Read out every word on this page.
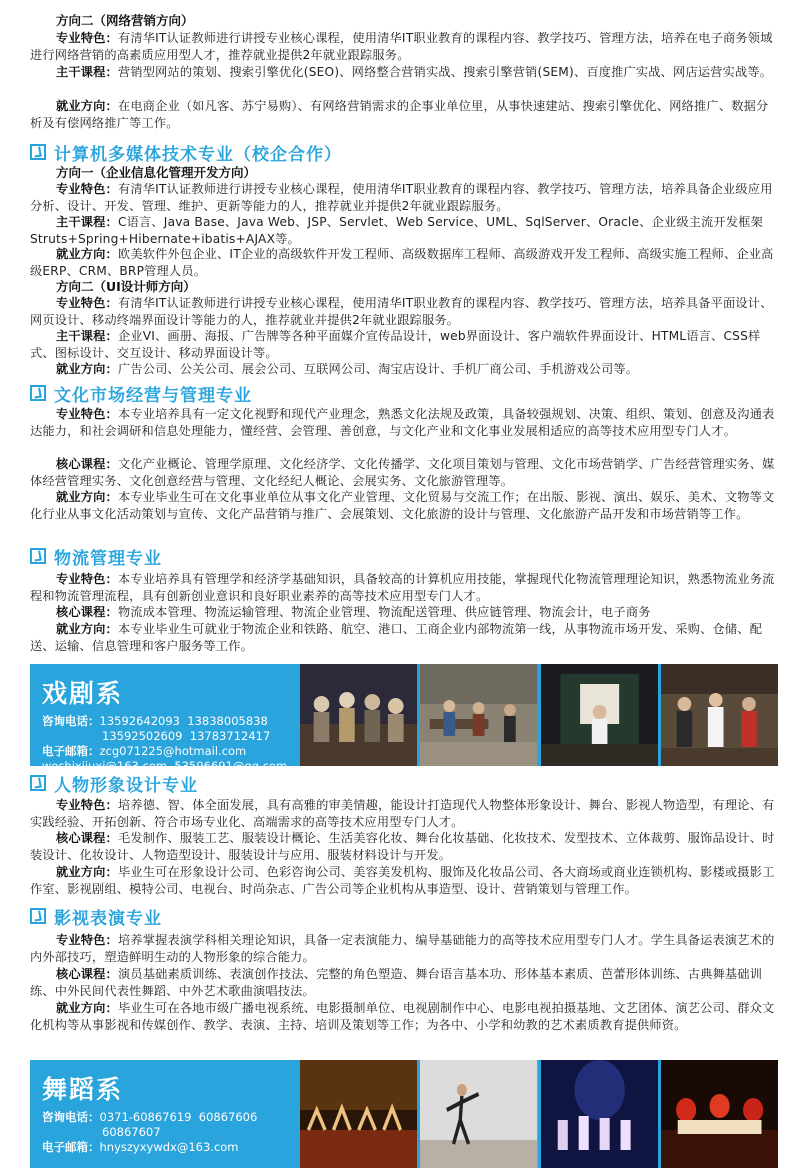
方向二（网络营销方向）
专业特色：有清华IT认证教师进行讲授专业核心课程，使用清华IT职业教育的课程内容、教学技巧、管理方法，培养在电子商务领域进行网络营销的高素质应用型人才，推荐就业提供2年就业跟踪服务。
主干课程：营销型网站的策划、搜索引擎优化(SEO)、网络整合营销实战、搜索引擎营销(SEM)、百度推广实战、网店运营实战等。
就业方向：在电商企业（如凡客、苏宁易购）、有网络营销需求的企事业单位里，从事快速建站、搜索引擎优化、网络推广、数据分析及有偿网络推广等工作。
计算机多媒体技术专业（校企合作）
方向一（企业信息化管理开发方向）
专业特色：有清华IT认证教师进行讲授专业核心课程，使用清华IT职业教育的课程内容、教学技巧、管理方法，培养具备企业级应用分析、设计、开发、管理、维护、更新等能力的人，推荐就业并提供2年就业跟踪服务。
主干课程：C语言、Java Base、Java Web、JSP、Servlet、Web Service、UML、SqlServer、Oracle、企业级主流开发框架Struts+Spring+Hibernate+ibatis+AJAX等。
就业方向：欧美软件外包企业、IT企业的高级软件开发工程师、高级数据库工程师、高级游戏开发工程师、高级实施工程师、企业高级ERP、CRM、BRP管理人员。
方向二（UI设计师方向）
专业特色：有清华IT认证教师进行讲授专业核心课程，使用清华IT职业教育的课程内容、教学技巧、管理方法，培养具备平面设计、网页设计、移动终端界面设计等能力的人，推荐就业并提供2年就业跟踪服务。
主干课程：企业VI、画册、海报、广告牌等各种平面媒介宣传品设计，web界面设计、客户端软件界面设计、HTML语言、CSS样式、图标设计、交互设计、移动界面设计等。
就业方向：广告公司、公关公司、展会公司、互联网公司、淘宝店设计、手机厂商公司、手机游戏公司等。
文化市场经营与管理专业
专业特色：本专业培养具有一定文化视野和现代产业理念，熟悉文化法规及政策，具备较强规划、决策、组织、策划、创意及沟通表达能力，和社会调研和信息处理能力，懂经营、会管理、善创意，与文化产业和文化事业发展相适应的高等技术应用型专门人才。
核心课程：文化产业概论、管理学原理、文化经济学、文化传播学、文化项目策划与管理、文化市场营销学、广告经营管理实务、媒体经营管理实务、文化创意经营与管理、文化经纪人概论、会展实务、文化旅游管理等。
就业方向：本专业毕业生可在文化事业单位从事文化产业管理、文化贸易与交流工作；在出版、影视、演出、娱乐、美术、文物等文化行业从事文化活动策划与宣传、文化产品营销与推广、会展策划、文化旅游的设计与管理、文化旅游产品开发和市场营销等工作。
物流管理专业
专业特色：本专业培养具有管理学和经济学基础知识，具备较高的计算机应用技能，掌握现代化物流管理理论知识，熟悉物流业务流程和物流管理流程，具有创新创业意识和良好职业素养的高等技术应用型专门人才。
核心课程：物流成本管理、物流运输管理、物流企业管理、物流配送管理、供应链管理、物流会计，电子商务
就业方向：本专业毕业生可就业于物流企业和铁路、航空、港口、工商企业内部物流第一线，从事物流市场开发、采购、仓储、配送、运输、信息管理和客户服务等工作。
戏剧系
咨询电话：13592642093  13838005838
13592502609  13783712417
电子邮箱：zcg071225@hotmail.com
woshixijuxi@163.com  53596691@qq.com
人物形象设计专业
专业特色：培养德、智、体全面发展，具有高雅的审美情趣，能设计打造现代人物整体形象设计、舞台、影视人物造型，有理论、有实践经验、开拓创新、符合市场专业化、高端需求的高等技术应用型专门人才。
核心课程：毛发制作、服装工艺、服装设计概论、生活美容化妆、舞台化妆基础、化妆技术、发型技术、立体裁剪、服饰品设计、时装设计、化妆设计、人物造型设计、服装设计与应用、服装材料设计与开发。
就业方向：毕业生可在形象设计公司、色彩咨询公司、美容美发机构、服饰及化妆品公司、各大商场或商业连锁机构、影楼或摄影工作室、影视剧组、模特公司、电视台、时尚杂志、广告公司等企业机构从事造型、设计、营销策划与管理工作。
影视表演专业
专业特色：培养掌握表演学科相关理论知识，具备一定表演能力、编导基础能力的高等技术应用型专门人才。学生具备运表演艺术的内外部技巧，塑造鲜明生动的人物形象的综合能力。
核心课程：演员基础素质训练、表演创作技法、完整的角色塑造、舞台语言基本功、形体基本素质、芭蕾形体训练、古典舞基础训练、中外民间代表性舞蹈、中外艺术歌曲演唱技法。
就业方向：毕业生可在各地市级广播电视系统、电影摄制单位、电视剧制作中心、电影电视拍摄基地、文艺团体、演艺公司、群众文化机构等从事影视和传媒创作、教学、表演、主持、培训及策划等工作；为各中、小学和幼教的艺术素质教育提供师资。
舞蹈系
咨询电话：0371-60867619  60867606
60867607
电子邮箱：hnyszyxywdx@163.com
